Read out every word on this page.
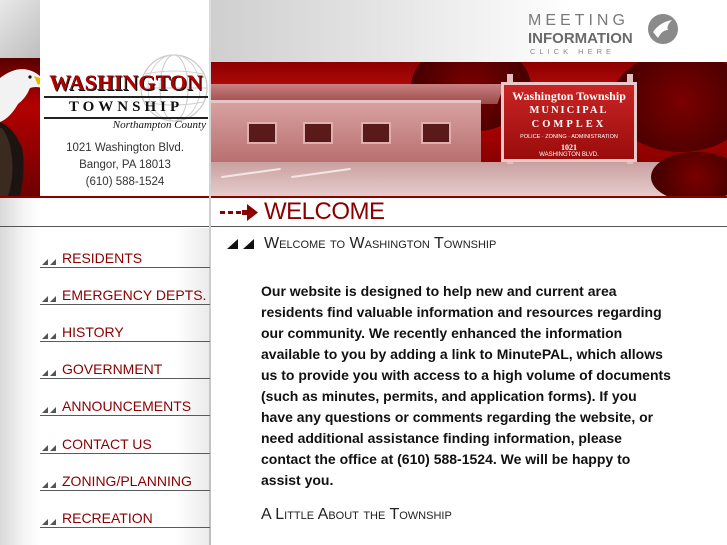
WASHINGTON
TOWNSHIP
Northampton County
1021 Washington Blvd.
Bangor, PA 18013
(610) 588-1524
MEETING
INFORMATION
CLICK HERE
Washington Township
MUNICIPAL
COMPLEX
POLICE · ZONING · ADMINISTRATION
1021
WASHINGTON BLVD.
WELCOME
RESIDENTS
EMERGENCY DEPTS.
HISTORY
GOVERNMENT
ANNOUNCEMENTS
CONTACT US
ZONING/PLANNING
RECREATION
Welcome to Washington Township
Our website is designed to help new and current area residents find valuable information and resources regarding our community. We recently enhanced the information available to you by adding a link to MinutePAL, which allows us to provide you with access to a high volume of documents (such as minutes, permits, and application forms). If you have any questions or comments regarding the website, or need additional assistance finding information, please contact the office at (610) 588-1524. We will be happy to assist you.
A Little About the Township
